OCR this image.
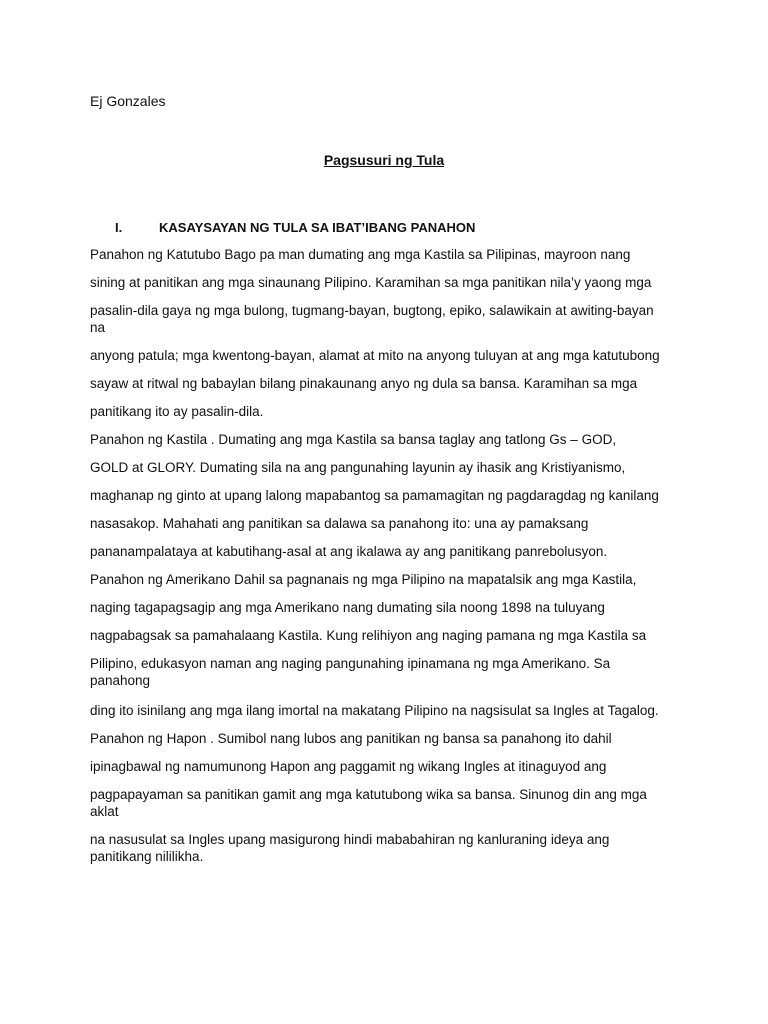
Ej Gonzales
Pagsusuri ng Tula
I.	KASAYSAYAN NG TULA SA IBAT’IBANG PANAHON
Panahon ng Katutubo Bago pa man dumating ang mga Kastila sa Pilipinas, mayroon nang
sining at panitikan ang mga sinaunang Pilipino. Karamihan sa mga panitikan nila’y yaong mga
pasalin-dila gaya ng mga bulong, tugmang-bayan, bugtong, epiko, salawikain at awiting-bayan
na
anyong patula; mga kwentong-bayan, alamat at mito na anyong tuluyan at ang mga katutubong
sayaw at ritwal ng babaylan bilang pinakaunang anyo ng dula sa bansa. Karamihan sa mga
panitikang ito ay pasalin-dila.
Panahon ng Kastila . Dumating ang mga Kastila sa bansa taglay ang tatlong Gs – GOD,
GOLD at GLORY. Dumating sila na ang pangunahing layunin ay ihasik ang Kristiyanismo,
maghanap ng ginto at upang lalong mapabantog sa pamamagitan ng pagdaragdag ng kanilang
nasasakop. Mahahati ang panitikan sa dalawa sa panahong ito: una ay pamaksang
pananampalataya at kabutihang-asal at ang ikalawa ay ang panitikang panrebolusyon.
Panahon ng Amerikano Dahil sa pagnanais ng mga Pilipino na mapatalsik ang mga Kastila,
naging tagapagsagip ang mga Amerikano nang dumating sila noong 1898 na tuluyang
nagpabagsak sa pamahalaang Kastila. Kung relihiyon ang naging pamana ng mga Kastila sa
Pilipino, edukasyon naman ang naging pangunahing ipinamana ng mga Amerikano. Sa
panahong
ding ito isinilang ang mga ilang imortal na makatang Pilipino na nagsisulat sa Ingles at Tagalog.
Panahon ng Hapon . Sumibol nang lubos ang panitikan ng bansa sa panahong ito dahil
ipinagbawal ng namumunong Hapon ang paggamit ng wikang Ingles at itinaguyod ang
pagpapayaman sa panitikan gamit ang mga katutubong wika sa bansa. Sinunog din ang mga
aklat
na nasusulat sa Ingles upang masigurong hindi mababahiran ng kanluraning ideya ang
panitikang nililikha.
